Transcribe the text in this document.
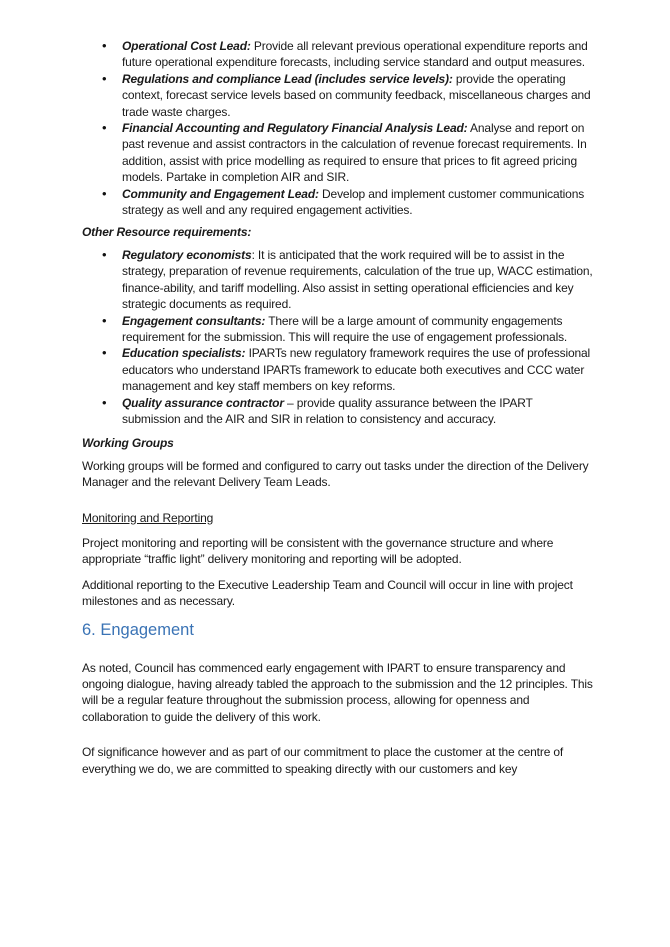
• Operational Cost Lead: Provide all relevant previous operational expenditure reports and future operational expenditure forecasts, including service standard and output measures.
• Regulations and compliance Lead (includes service levels): provide the operating context, forecast service levels based on community feedback, miscellaneous charges and trade waste charges.
• Financial Accounting and Regulatory Financial Analysis Lead: Analyse and report on past revenue and assist contractors in the calculation of revenue forecast requirements. In addition, assist with price modelling as required to ensure that prices to fit agreed pricing models. Partake in completion AIR and SIR.
• Community and Engagement Lead: Develop and implement customer communications strategy as well and any required engagement activities.
Other Resource requirements:
• Regulatory economists: It is anticipated that the work required will be to assist in the strategy, preparation of revenue requirements, calculation of the true up, WACC estimation, finance-ability, and tariff modelling. Also assist in setting operational efficiencies and key strategic documents as required.
• Engagement consultants: There will be a large amount of community engagements requirement for the submission. This will require the use of engagement professionals.
• Education specialists: IPARTs new regulatory framework requires the use of professional educators who understand IPARTs framework to educate both executives and CCC water management and key staff members on key reforms.
• Quality assurance contractor – provide quality assurance between the IPART submission and the AIR and SIR in relation to consistency and accuracy.
Working Groups

Working groups will be formed and configured to carry out tasks under the direction of the Delivery Manager and the relevant Delivery Team Leads.

Monitoring and Reporting

Project monitoring and reporting will be consistent with the governance structure and where appropriate “traffic light” delivery monitoring and reporting will be adopted.

Additional reporting to the Executive Leadership Team and Council will occur in line with project milestones and as necessary.

6. Engagement

As noted, Council has commenced early engagement with IPART to ensure transparency and ongoing dialogue, having already tabled the approach to the submission and the 12 principles. This will be a regular feature throughout the submission process, allowing for openness and collaboration to guide the delivery of this work.

Of significance however and as part of our commitment to place the customer at the centre of everything we do, we are committed to speaking directly with our customers and key
